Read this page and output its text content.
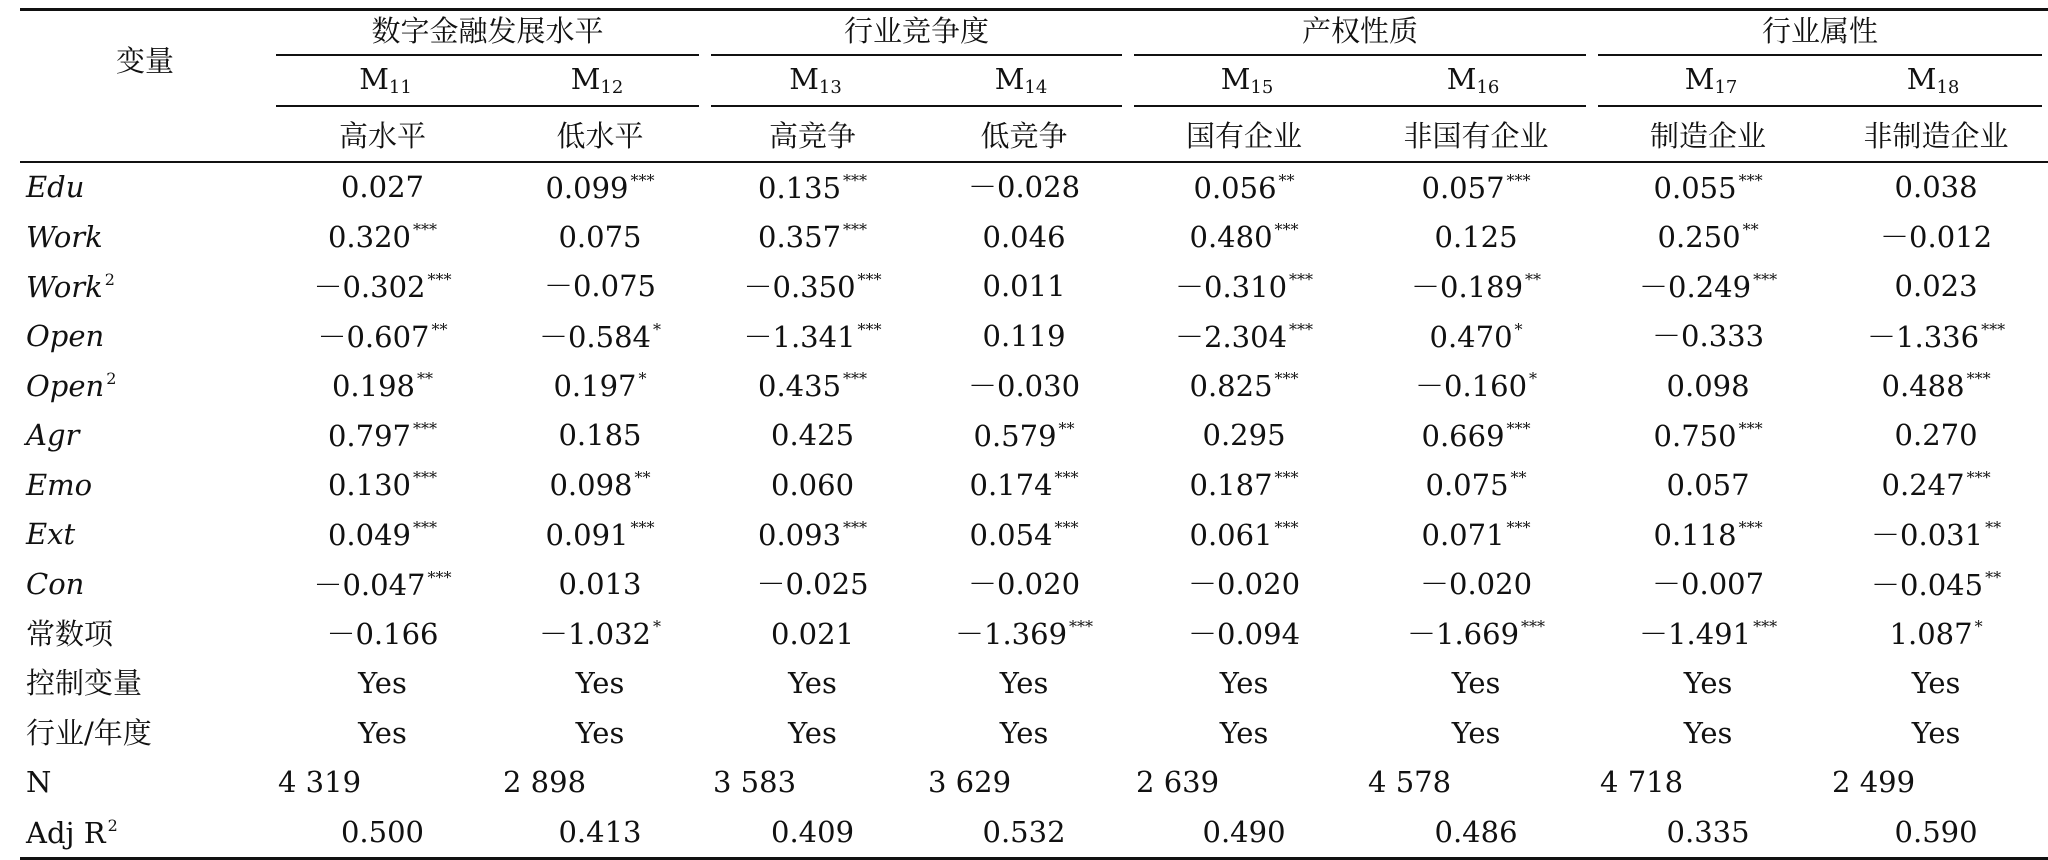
变量	数字金融发展水平		行业竞争度		产权性质		行业属性	

	$M_{11}$	$M_{12}$	$M_{13}$	$M_{14}$	$M_{15}$	$M_{16}$	$M_{17}$	$M_{18}$

	高水平	低水平	高竞争	低竞争	国有企业	非国有企业	制造企业	非制造企业
Edu	0.027	0.099 ***	0.135 ***	－0.028	0.056 **	0.057 ***	0.055 ***	0.038
Work	0.320 ***	0.075	0.357 ***	0.046	0.480 ***	0.125	0.250 **	－0.012
Work $^2$	－0.302 ***	－0.075	－0.350 ***	0.011	－0.310 ***	－0.189 **	－0.249 ***	0.023
Open	－0.607 **	－0.584 *	－1.341 ***	0.119	－2.304 ***	0.470 *	－0.333	－1.336 ***
Open $^2$	0.198 **	0.197 *	0.435 ***	－0.030	0.825 ***	－0.160 *	0.098	0.488 ***
Agr	0.797 ***	0.185	0.425	0.579 **	0.295	0.669 ***	0.750 ***	0.270
Emo	0.130 ***	0.098 **	0.060	0.174 ***	0.187 ***	0.075 **	0.057	0.247 ***
Ext	0.049 ***	0.091 ***	0.093 ***	0.054 ***	0.061 ***	0.071 ***	0.118 ***	－0.031 **
Con	－0.047 ***	0.013	－0.025	－0.020	－0.020	－0.020	－0.007	－0.045 **
常数项	－0.166	－1.032 *	0.021	－1.369 ***	－0.094	－1.669 ***	－1.491 ***	1.087 *
控制变量	Yes	Yes	Yes	Yes	Yes	Yes	Yes	Yes
行业/年度	Yes	Yes	Yes	Yes	Yes	Yes	Yes	Yes
N	4 319	2 898	3 583	3 629	2 639	4 578	4 718	2 499
Adj R $^2$	0.500	0.413	0.409	0.532	0.490	0.486	0.335	0.590
